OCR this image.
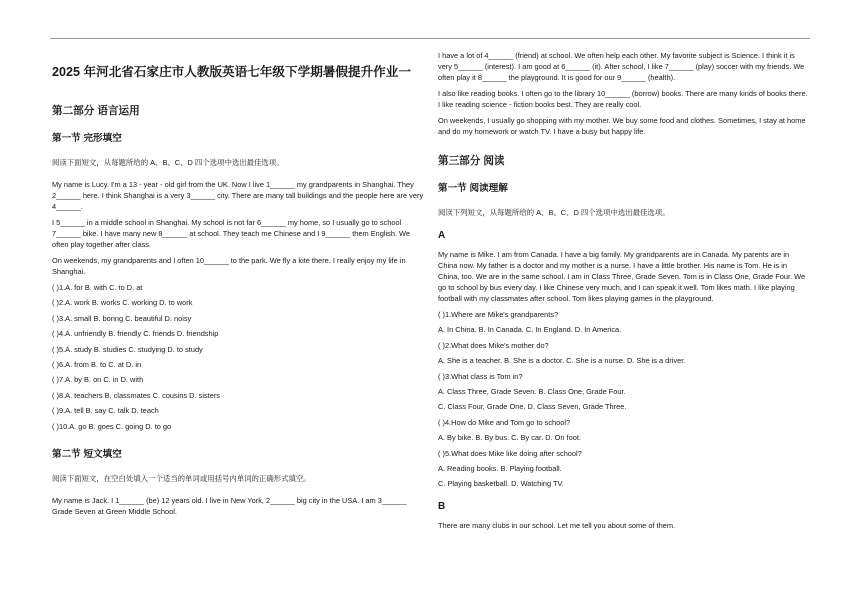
2025 年河北省石家庄市人教版英语七年级下学期暑假提升作业一
第二部分 语言运用
第一节 完形填空

阅读下面短文，从每题所给的 A、B、C、D 四个选项中选出最佳选项。

My name is Lucy. I'm a 13 - year - old girl from the UK. Now I live 1______ my grandparents in Shanghai. They 2______ here. I think Shanghai is a very 3______ city. There are many tall buildings and the people here are very 4______.

I 5______ in a middle school in Shanghai. My school is not far 6______ my home, so I usually go to school 7______ bike. I have many new 8______ at school. They teach me Chinese and I 9______ them English. We often play together after class.

On weekends, my grandparents and I often 10______ to the park. We fly a kite there. I really enjoy my life in Shanghai.

( )1.A. for B. with C. to D. at
( )2.A. work B. works C. working D. to work
( )3.A. small B. boring C. beautiful D. noisy
( )4.A. unfriendly B. friendly C. friends D. friendship
( )5.A. study B. studies C. studying D. to study
( )6.A. from B. to C. at D. in
( )7.A. by B. on C. in D. with
( )8.A. teachers B. classmates C. cousins D. sisters
( )9.A. tell B. say C. talk D. teach
( )10.A. go B. goes C. going D. to go
第二节 短文填空

阅读下面短文，在空白处填入一个适当的单词或用括号内单词的正确形式填空。

My name is Jack. I 1______ (be) 12 years old. I live in New York, 2______ big city in the USA. I am 3______ Grade Seven at Green Middle School.

I have a lot of 4______ (friend) at school. We often help each other. My favorite subject is Science. I think it is very 5______ (interest). I am good at 6______ (it). After school, I like 7______ (play) soccer with my friends. We often play it 8______ the playground. It is good for our 9______ (health).

I also like reading books. I often go to the library 10______ (borrow) books. There are many kinds of books there. I like reading science - fiction books best. They are really cool.

On weekends, I usually go shopping with my mother. We buy some food and clothes. Sometimes, I stay at home and do my homework or watch TV. I have a busy but happy life.

第三部分 阅读
第一节 阅读理解

阅读下列短文，从每题所给的 A、B、C、D 四个选项中选出最佳选项。

A

My name is Mike. I am from Canada. I have a big family. My grandparents are in Canada. My parents are in China now. My father is a doctor and my mother is a nurse. I have a little brother. His name is Tom. He is in China, too. We are in the same school. I am in Class Three, Grade Seven. Tom is in Class One, Grade Four. We go to school by bus every day. I like Chinese very much, and I can speak it well. Tom likes math. I like playing football with my classmates after school. Tom likes playing games in the playground.

( )1.Where are Mike's grandparents?
A. In China. B. In Canada. C. In England. D. In America.
( )2.What does Mike's mother do?
A. She is a teacher. B. She is a doctor. C. She is a nurse. D. She is a driver.
( )3.What class is Tom in?
A. Class Three, Grade Seven. B. Class One, Grade Four.
C. Class Four, Grade One. D. Class Seven, Grade Three.
( )4.How do Mike and Tom go to school?
A. By bike. B. By bus. C. By car. D. On foot.
( )5.What does Mike like doing after school?
A. Reading books. B. Playing football.
C. Playing basketball. D. Watching TV.
B

There are many clubs in our school. Let me tell you about some of them.
